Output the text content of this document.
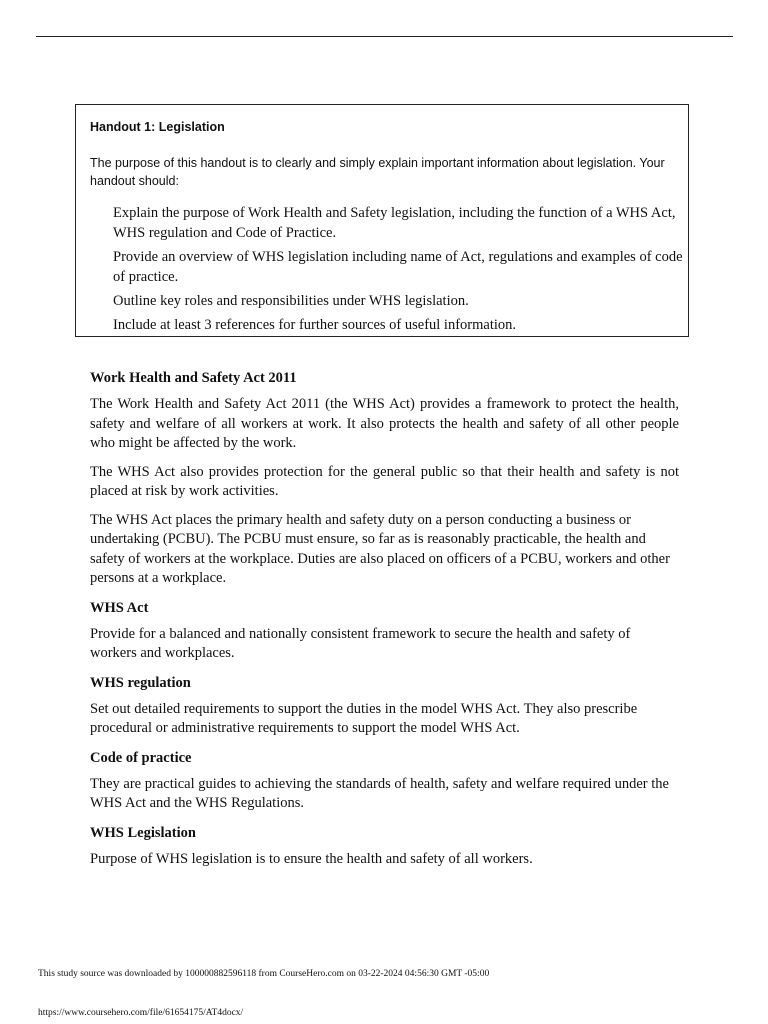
Handout 1: Legislation
The purpose of this handout is to clearly and simply explain important information about legislation. Your handout should:
Explain the purpose of Work Health and Safety legislation, including the function of a WHS Act, WHS regulation and Code of Practice.
Provide an overview of WHS legislation including name of Act, regulations and examples of code of practice.
Outline key roles and responsibilities under WHS legislation.
Include at least 3 references for further sources of useful information.
Work Health and Safety Act 2011

The Work Health and Safety Act 2011 (the WHS Act) provides a framework to protect the health, safety and welfare of all workers at work. It also protects the health and safety of all other people who might be affected by the work.

The WHS Act also provides protection for the general public so that their health and safety is not placed at risk by work activities.

The WHS Act places the primary health and safety duty on a person conducting a business or undertaking (PCBU). The PCBU must ensure, so far as is reasonably practicable, the health and safety of workers at the workplace. Duties are also placed on officers of a PCBU, workers and other persons at a workplace.

WHS Act

Provide for a balanced and nationally consistent framework to secure the health and safety of workers and workplaces.

WHS regulation

Set out detailed requirements to support the duties in the model WHS Act. They also prescribe procedural or administrative requirements to support the model WHS Act.

Code of practice

They are practical guides to achieving the standards of health, safety and welfare required under the WHS Act and the WHS Regulations.

WHS Legislation

Purpose of WHS legislation is to ensure the health and safety of all workers.

This study source was downloaded by 100000882596118 from CourseHero.com on 03-22-2024 04:56:30 GMT -05:00
https://www.coursehero.com/file/61654175/AT4docx/
